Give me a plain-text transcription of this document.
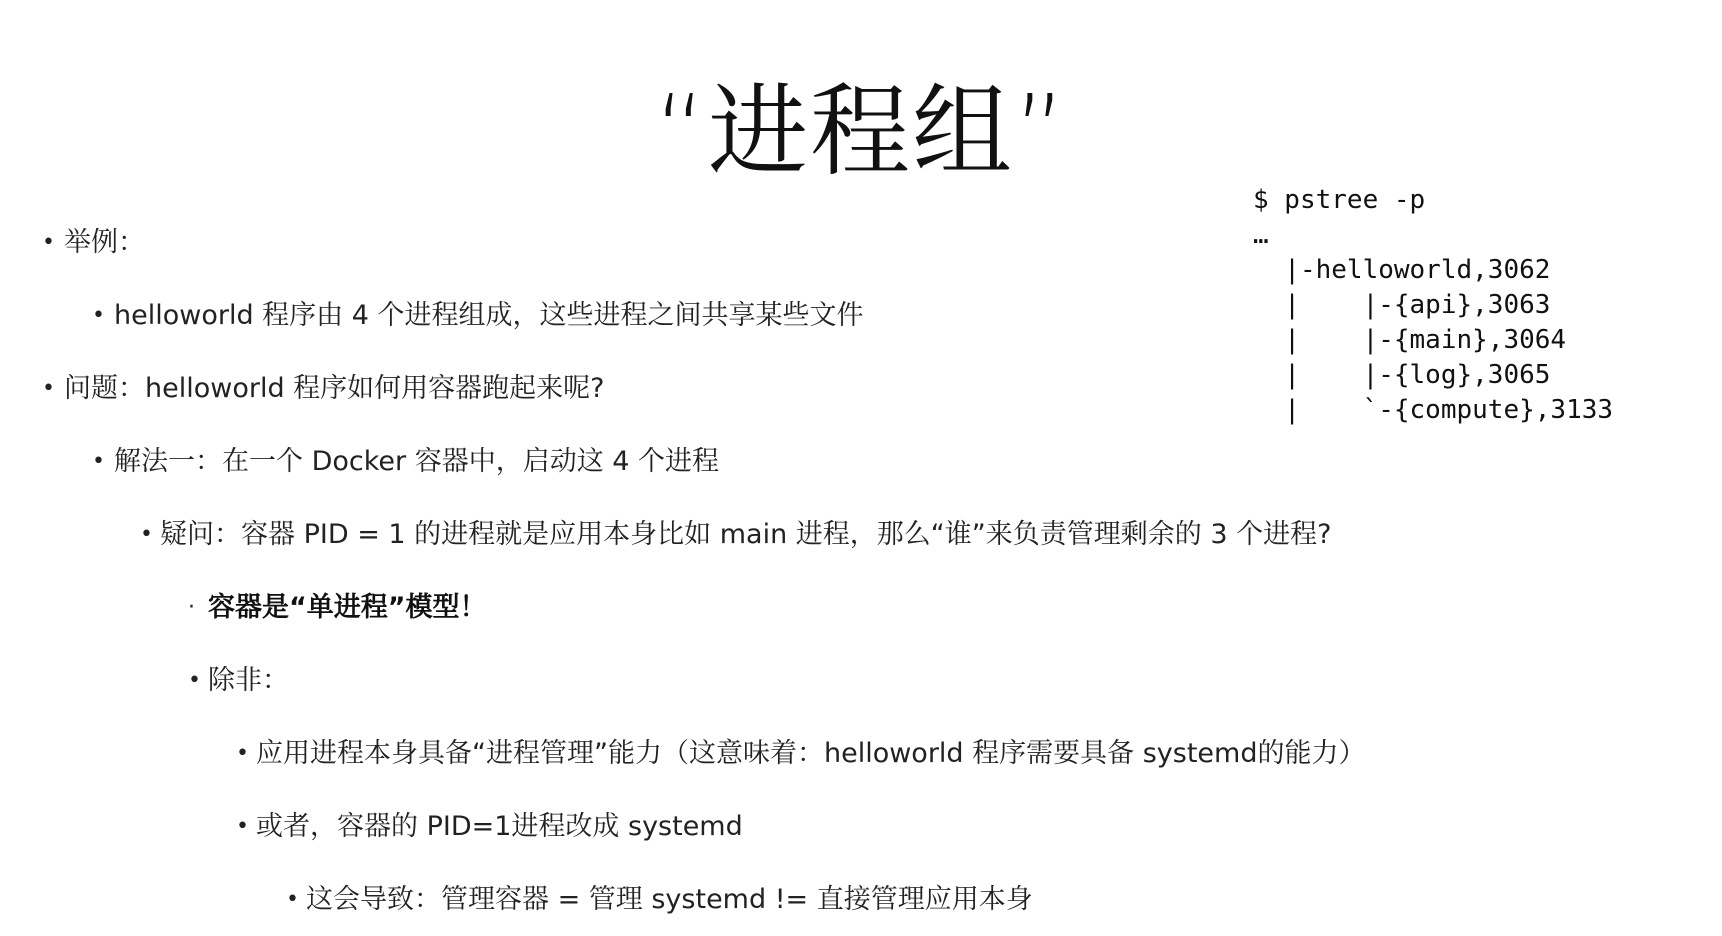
“进程组”
$ pstree -p
…
|-helloworld,3062
|    |-{api},3063
|    |-{main},3064
|    |-{log},3065
|    `-{compute},3133
• 举例：
• helloworld 程序由 4 个进程组成，这些进程之间共享某些文件
• 问题：helloworld 程序如何用容器跑起来呢?
• 解法一：在一个 Docker 容器中，启动这 4 个进程
• 疑问：容器 PID = 1 的进程就是应用本身比如 main 进程，那么“谁”来负责管理剩余的 3 个进程?
· 容器是“单进程”模型！
• 除非：
• 应用进程本身具备“进程管理”能力（这意味着：helloworld 程序需要具备 systemd的能力）
• 或者，容器的 PID=1进程改成 systemd
• 这会导致：管理容器 = 管理 systemd != 直接管理应用本身
